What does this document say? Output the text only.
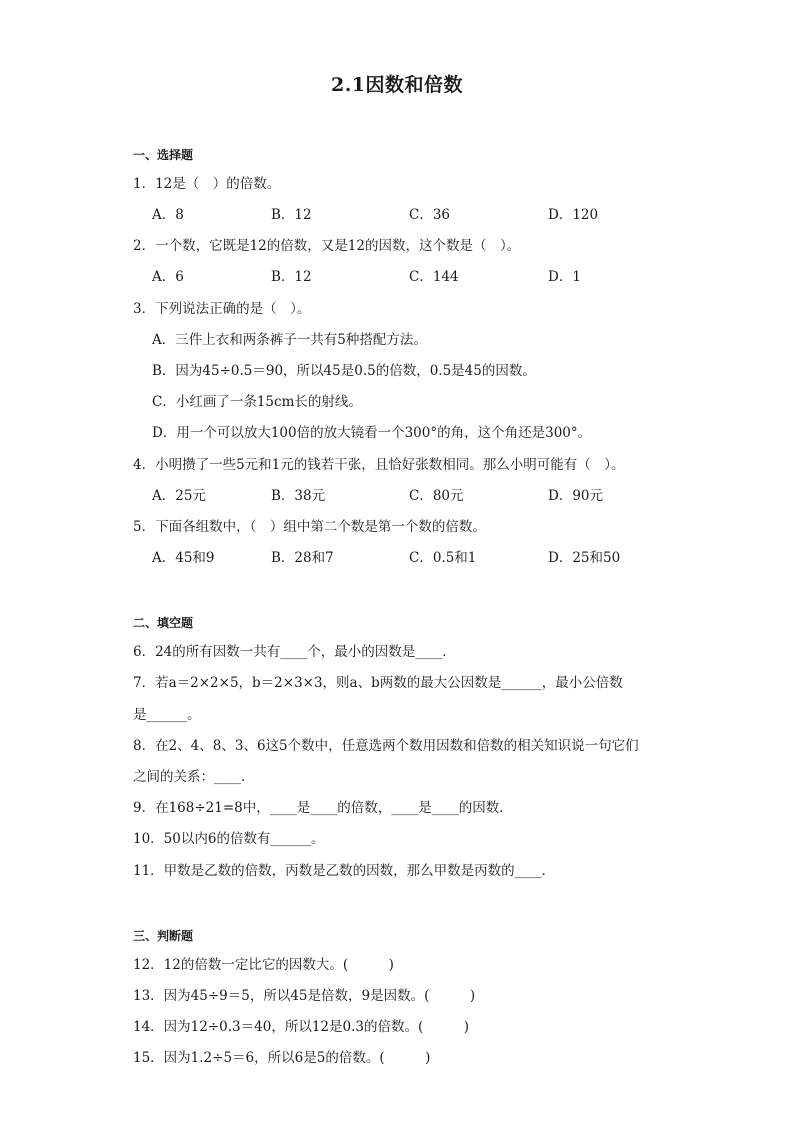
2.1因数和倍数
一、选择题
1．12是（　）的倍数。
A．8	B．12	C．36	D．120
2．一个数，它既是12的倍数，又是12的因数，这个数是（　）。
A．6	B．12	C．144	D．1
3．下列说法正确的是（　）。
A．三件上衣和两条裤子一共有5种搭配方法。
B．因为45÷0.5＝90，所以45是0.5的倍数，0.5是45的因数。
C．小红画了一条15cm长的射线。
D．用一个可以放大100倍的放大镜看一个300°的角，这个角还是300°。
4．小明攒了一些5元和1元的钱若干张，且恰好张数相同。那么小明可能有（　）。
A．25元	B．38元	C．80元	D．90元
5．下面各组数中，（　）组中第二个数是第一个数的倍数。
A．45和9	B．28和7	C．0.5和1	D．25和50
二、填空题
6．24的所有因数一共有____个，最小的因数是____．
7．若a＝2×2×5，b＝2×3×3，则a、b两数的最大公因数是______，最小公倍数
是______。
8．在2、4、8、3、6这5个数中，任意选两个数用因数和倍数的相关知识说一句它们
之间的关系：____．
9．在168÷21=8中，____是____的倍数，____是____的因数．
10．50以内6的倍数有______。
11．甲数是乙数的倍数，丙数是乙数的因数，那么甲数是丙数的____．
三、判断题
12．12的倍数一定比它的因数大。(　　　)
13．因为45÷9＝5，所以45是倍数，9是因数。(　　　)
14．因为12÷0.3＝40，所以12是0.3的倍数。(　　　)
15．因为1.2÷5＝6，所以6是5的倍数。(　　　)
